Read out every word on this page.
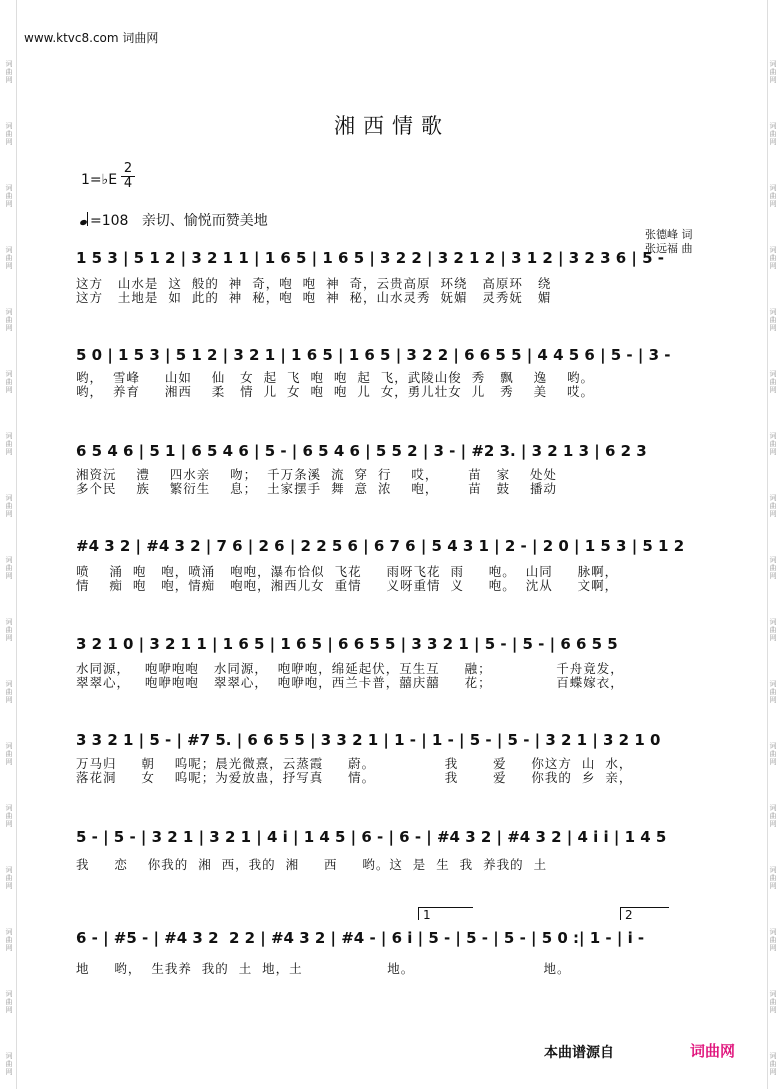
词
曲
网
词
曲
网
词
曲
网
词
曲
网
词
曲
网
词
曲
网
词
曲
网
词
曲
网
词
曲
网
词
曲
网
词
曲
网
词
曲
网
词
曲
网
词
曲
网
词
曲
网
词
曲
网
词
曲
网
词
曲
网
词
曲
网
词
曲
网
词
曲
网
词
曲
网
词
曲
网
词
曲
网
词
曲
网
词
曲
网
词
曲
网
词
曲
网
词
曲
网
词
曲
网
词
曲
网
词
曲
网
词
曲
网
词
曲
网
www.ktvc8.com 词曲网
湘西情歌
1=♭E
2
4
=108 亲切、愉悦而赞美地
张德峰 词
张远福 曲
1 5 3 | 5 1 2 | 3 2 1 1 | 1 6 5 | 1 6 5 | 3 2 2 | 3 2 1 2 | 3 1 2 | 3 2 3 6 | 5 -
这方   山水是  这  般的  神  奇，咆  咆  神  奇，云贵高原  环绕   高原环   绕
这方   土地是  如  此的  神  秘，咆  咆  神  秘，山水灵秀  妩媚   灵秀妩   媚
5 0 | 1 5 3 | 5 1 2 | 3 2 1 | 1 6 5 | 1 6 5 | 3 2 2 | 6 6 5 5 | 4 4 5 6 | 5 - | 3 -
哟，  雪峰     山如    仙   女  起  飞  咆  咆  起  飞，武陵山俊  秀   飘    逸    哟。
哟，  养育     湘西    柔   情  儿  女  咆  咆  儿  女，勇儿壮女  儿   秀    美    哎。
6 5 4 6 | 5 1 | 6 5 4 6 | 5 - | 6 5 4 6 | 5 5 2 | 3 - | #2 3. | 3 2 1 3 | 6 2 3
湘资沅    澧    四水亲    吻；  千万条溪  流  穿  行    哎，      苗   家    处处
多个民    族    繁衍生    息；  土家摆手  舞  意  浓    咆，      苗   鼓    播动
#4 3 2 | #4 3 2 | 7 6 | 2 6 | 2 2 5 6 | 6 7 6 | 5 4 3 1 | 2 - | 2 0 | 1 5 3 | 5 1 2
喷    涌  咆   咆，喷涌   咆咆，瀑布恰似  飞花     雨呀飞花  雨     咆。  山同     脉啊，
情    痴  咆   咆，情痴   咆咆，湘西儿女  重情     义呀重情  义     咆。  沈从     文啊，
3 2 1 0 | 3 2 1 1 | 1 6 5 | 1 6 5 | 6 6 5 5 | 3 3 2 1 | 5 - | 5 - | 6 6 5 5
水同源，   咆咿咆咆   水同源，  咆咿咆，绵延起伏，互生互     融；             千舟竟发，
翠翠心，   咆咿咆咆   翠翠心，  咆咿咆，西兰卡普，囍庆囍     花；             百蝶嫁衣，
3 3 2 1 | 5 - | #7 5. | 6 6 5 5 | 3 3 2 1 | 1 - | 1 - | 5 - | 5 - | 3 2 1 | 3 2 1 0
万马归     朝    呜呢；晨光微熹，云蒸霞     蔚。              我       爱     你这方  山  水，
落花洞     女    呜呢；为爱放蛊，抒写真     情。              我       爱     你我的  乡  亲，
5 - | 5 - | 3 2 1 | 3 2 1 | 4 i | 1 4 5 | 6 - | 6 - | #4 3 2 | #4 3 2 | 4 i i | 1 4 5
我     恋    你我的  湘  西，我的  湘     西     哟。这  是  生  我  养我的  土
1	2
6 - | #5 - | #4 3 2  2 2 | #4 3 2 | #4 - | 6 i | 5 - | 5 - | 5 - | 5 0 :| 1 - | i -
地     哟，  生我养  我的  土  地，土                 地。                          地。
本曲谱源自	词曲网
